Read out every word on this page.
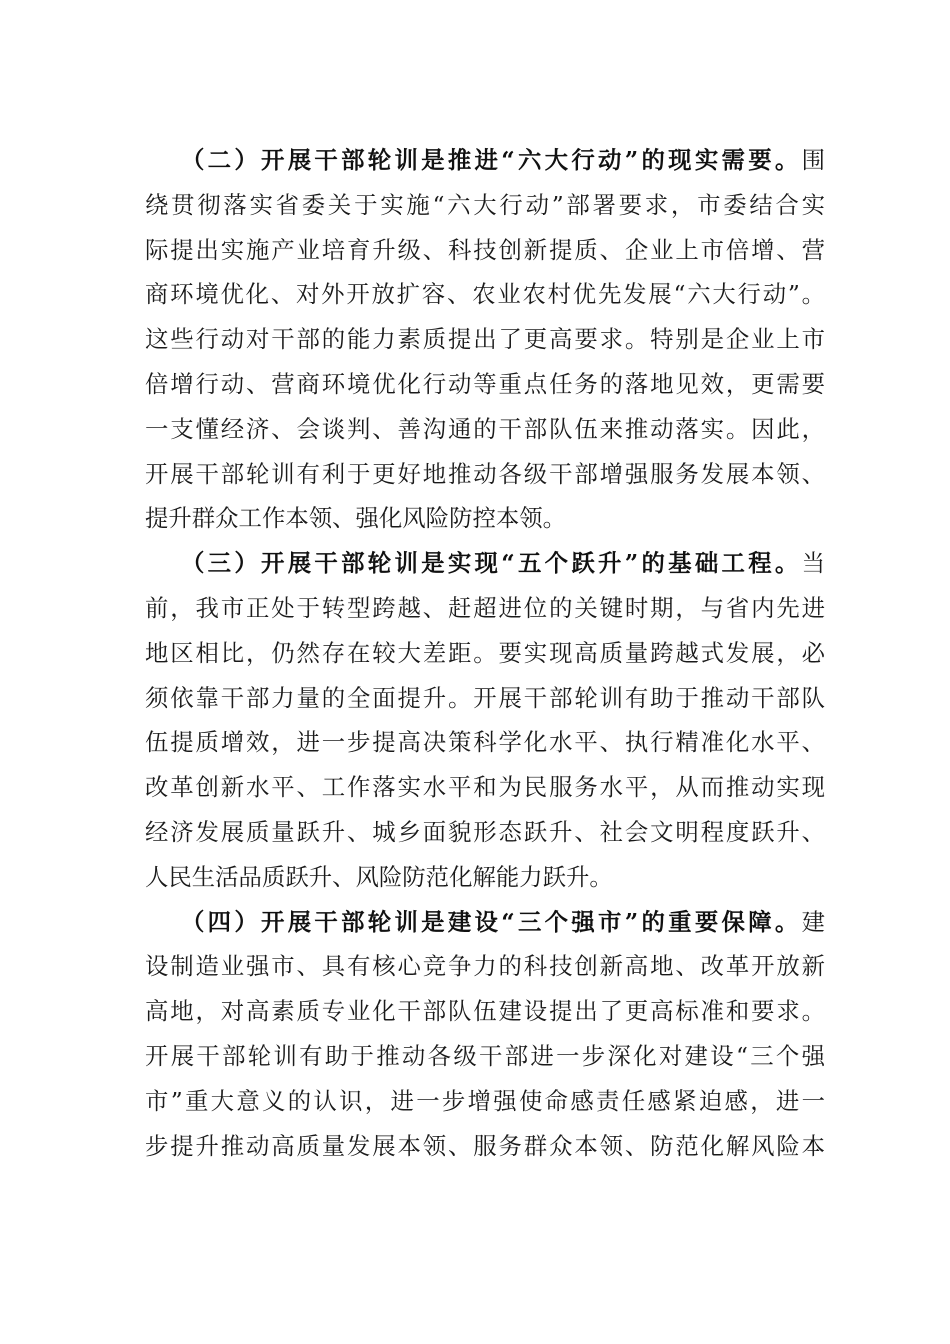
（二）开展干部轮训是推进“六大行动”的现实需要。围
绕贯彻落实省委关于实施“六大行动”部署要求，市委结合实
际提出实施产业培育升级、科技创新提质、企业上市倍增、营
商环境优化、对外开放扩容、农业农村优先发展“六大行动”。
这些行动对干部的能力素质提出了更高要求。特别是企业上市
倍增行动、营商环境优化行动等重点任务的落地见效，更需要
一支懂经济、会谈判、善沟通的干部队伍来推动落实。因此，
开展干部轮训有利于更好地推动各级干部增强服务发展本领、
提升群众工作本领、强化风险防控本领。
（三）开展干部轮训是实现“五个跃升”的基础工程。当
前，我市正处于转型跨越、赶超进位的关键时期，与省内先进
地区相比，仍然存在较大差距。要实现高质量跨越式发展，必
须依靠干部力量的全面提升。开展干部轮训有助于推动干部队
伍提质增效，进一步提高决策科学化水平、执行精准化水平、
改革创新水平、工作落实水平和为民服务水平，从而推动实现
经济发展质量跃升、城乡面貌形态跃升、社会文明程度跃升、
人民生活品质跃升、风险防范化解能力跃升。
（四）开展干部轮训是建设“三个强市”的重要保障。建
设制造业强市、具有核心竞争力的科技创新高地、改革开放新
高地，对高素质专业化干部队伍建设提出了更高标准和要求。
开展干部轮训有助于推动各级干部进一步深化对建设“三个强
市”重大意义的认识，进一步增强使命感责任感紧迫感，进一
步提升推动高质量发展本领、服务群众本领、防范化解风险本
